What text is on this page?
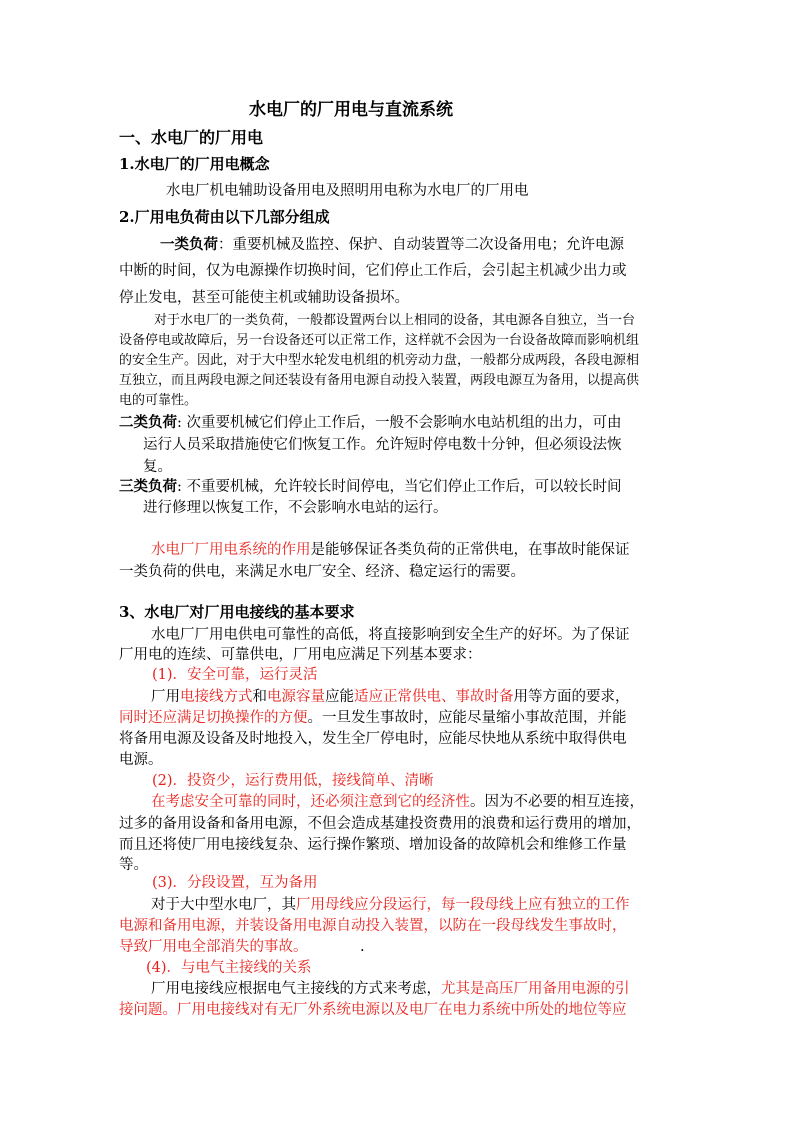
水电厂的厂用电与直流系统
一、水电厂的厂用电
1.水电厂的厂用电概念
水电厂机电辅助设备用电及照明用电称为水电厂的厂用电
2.厂用电负荷由以下几部分组成
一类负荷：重要机械及监控、保护、自动装置等二次设备用电；允许电源
中断的时间，仅为电源操作切换时间，它们停止工作后，会引起主机减少出力或
停止发电，甚至可能使主机或辅助设备损坏。
对于水电厂的一类负荷，一般都设置两台以上相同的设备，其电源各自独立，当一台
设备停电或故障后，另一台设备还可以正常工作，这样就不会因为一台设备故障而影响机组
的安全生产。因此，对于大中型水轮发电机组的机旁动力盘，一般都分成两段，各段电源相
互独立，而且两段电源之间还装设有备用电源自动投入装置，两段电源互为备用，以提高供
电的可靠性。
二类负荷: 次重要机械它们停止工作后，一般不会影响水电站机组的出力，可由
运行人员采取措施使它们恢复工作。允许短时停电数十分钟，但必须设法恢
复。
三类负荷: 不重要机械，允许较长时间停电，当它们停止工作后，可以较长时间
进行修理以恢复工作，不会影响水电站的运行。
水电厂厂用电系统的作用是能够保证各类负荷的正常供电，在事故时能保证
一类负荷的供电，来满足水电厂安全、经济、稳定运行的需要。
3、水电厂对厂用电接线的基本要求
水电厂厂用电供电可靠性的高低，将直接影响到安全生产的好坏。为了保证
厂用电的连续、可靠供电，厂用电应满足下列基本要求：
(1)．安全可靠，运行灵活
厂用电接线方式和电源容量应能适应正常供电、事故时备用等方面的要求，
同时还应满足切换操作的方便。一旦发生事故时，应能尽量缩小事故范围，并能
将备用电源及设备及时地投入，发生全厂停电时，应能尽快地从系统中取得供电
电源。
(2)．投资少，运行费用低，接线简单、清晰
在考虑安全可靠的同时，还必须注意到它的经济性。因为不必要的相互连接，
过多的备用设备和备用电源，不但会造成基建投资费用的浪费和运行费用的增加，
而且还将使厂用电接线复杂、运行操作繁琐、增加设备的故障机会和维修工作量
等。
(3)．分段设置，互为备用
对于大中型水电厂，其厂用母线应分段运行，每一段母线上应有独立的工作
电源和备用电源，并装设备用电源自动投入装置，以防在一段母线发生事故时，
导致厂用电全部消失的事故。	.
(4)．与电气主接线的关系
厂用电接线应根据电气主接线的方式来考虑，尤其是高压厂用备用电源的引
接问题。厂用电接线对有无厂外系统电源以及电厂在电力系统中所处的地位等应
